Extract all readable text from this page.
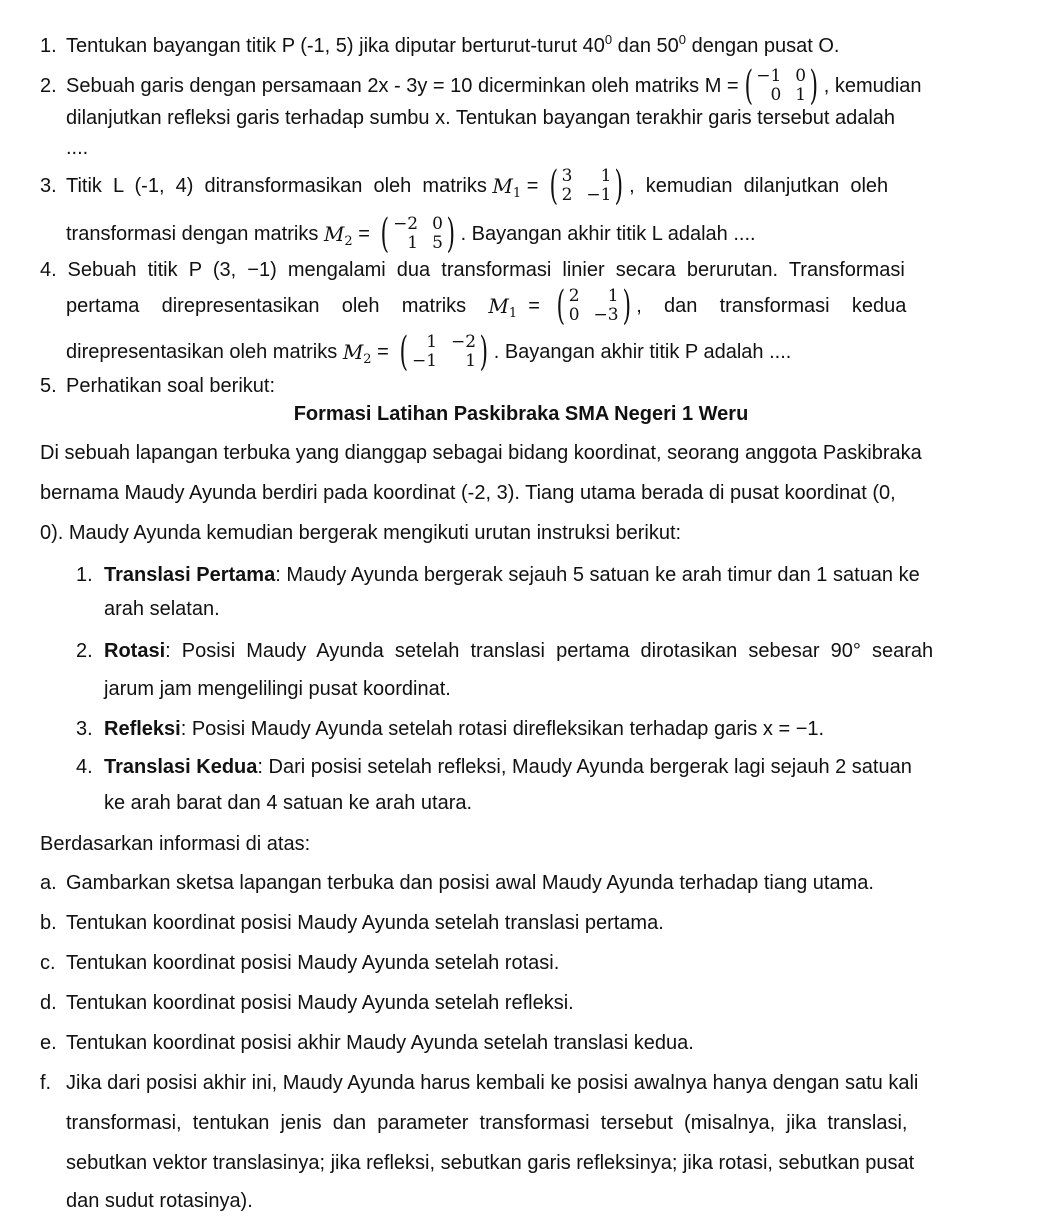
1. Tentukan bayangan titik P (-1, 5) jika diputar berturut-turut $40^0$ dan $50^0$ dengan pusat O.
2. Sebuah garis dengan persamaan 2x - 3y = 10 dicerminkan oleh matriks M = ( −1 0
0 1 ) , kemudian
dilanjutkan refleksi garis terhadap sumbu x. Tentukan bayangan terakhir garis tersebut adalah
....
3. Titik  L  (-1,  4)  ditransformasikan  oleh  matriks
$M_1$ = ( 3	1
2 −1 ) ,  kemudian  dilanjutkan  oleh
transformasi dengan matriks
$M_2$ = ( −2 0
1 5 ) . Bayangan akhir titik L adalah ....
4. Sebuah  titik  P  (3,  −1)  mengalami  dua  transformasi  linier  secara  berurutan.  Transformasi
pertama    direpresentasikan    oleh    matriks
$M_1$ = ( 2	1
0 −3 ) ,    dan    transformasi    kedua
direpresentasikan oleh matriks
$M_2$ = (	1 −2
−1	1 ) . Bayangan akhir titik P adalah ....
5. Perhatikan soal berikut:
Formasi Latihan Paskibraka SMA Negeri 1 Weru
Di sebuah lapangan terbuka yang dianggap sebagai bidang koordinat, seorang anggota Paskibraka
bernama Maudy Ayunda berdiri pada koordinat (-2, 3). Tiang utama berada di pusat koordinat (0,
0). Maudy Ayunda kemudian bergerak mengikuti urutan instruksi berikut:
1. Translasi Pertama: Maudy Ayunda bergerak sejauh 5 satuan ke arah timur dan 1 satuan ke
arah selatan.
2. Rotasi:  Posisi  Maudy  Ayunda  setelah  translasi  pertama  dirotasikan  sebesar  90°  searah
jarum jam mengelilingi pusat koordinat.
3. Refleksi: Posisi Maudy Ayunda setelah rotasi direfleksikan terhadap garis x = −1.
4. Translasi Kedua: Dari posisi setelah refleksi, Maudy Ayunda bergerak lagi sejauh 2 satuan
ke arah barat dan 4 satuan ke arah utara.
Berdasarkan informasi di atas:
a. Gambarkan sketsa lapangan terbuka dan posisi awal Maudy Ayunda terhadap tiang utama.
b. Tentukan koordinat posisi Maudy Ayunda setelah translasi pertama.
c. Tentukan koordinat posisi Maudy Ayunda setelah rotasi.
d. Tentukan koordinat posisi Maudy Ayunda setelah refleksi.
e. Tentukan koordinat posisi akhir Maudy Ayunda setelah translasi kedua.
f. Jika dari posisi akhir ini, Maudy Ayunda harus kembali ke posisi awalnya hanya dengan satu kali
transformasi,  tentukan  jenis  dan  parameter  transformasi  tersebut  (misalnya,  jika  translasi,
sebutkan vektor translasinya; jika refleksi, sebutkan garis refleksinya; jika rotasi, sebutkan pusat
dan sudut rotasinya).
